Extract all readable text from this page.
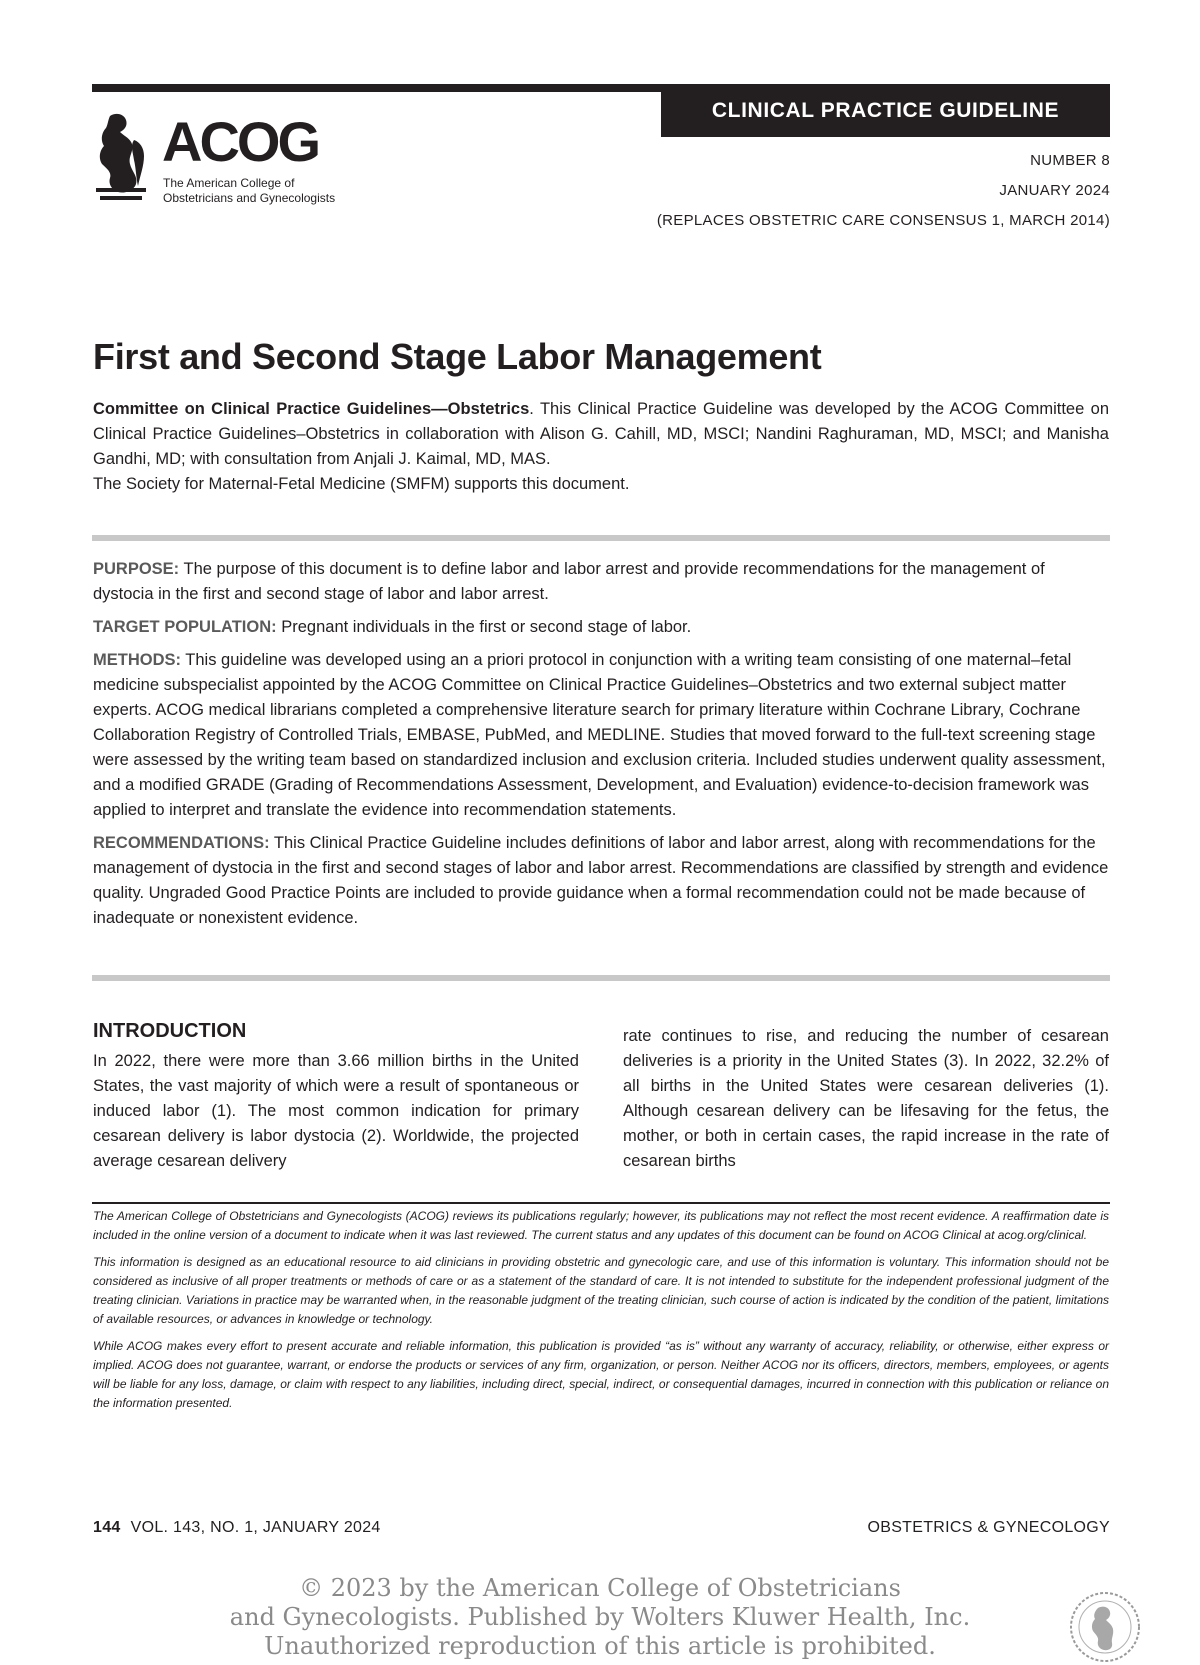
CLINICAL PRACTICE GUIDELINE
ACOG
The American College of
Obstetricians and Gynecologists
NUMBER 8
JANUARY 2024
(REPLACES OBSTETRIC CARE CONSENSUS 1, MARCH 2014)
First and Second Stage Labor Management

Committee on Clinical Practice Guidelines—Obstetrics. This Clinical Practice Guideline was developed by the ACOG Committee on Clinical Practice Guidelines–Obstetrics in collaboration with Alison G. Cahill, MD, MSCI; Nandini Raghuraman, MD, MSCI; and Manisha Gandhi, MD; with consultation from Anjali J. Kaimal, MD, MAS.

The Society for Maternal-Fetal Medicine (SMFM) supports this document.

PURPOSE: The purpose of this document is to define labor and labor arrest and provide recommendations for the management of dystocia in the first and second stage of labor and labor arrest.

TARGET POPULATION: Pregnant individuals in the first or second stage of labor.

METHODS: This guideline was developed using an a priori protocol in conjunction with a writing team consisting of one maternal–fetal medicine subspecialist appointed by the ACOG Committee on Clinical Practice Guidelines–Obstetrics and two external subject matter experts. ACOG medical librarians completed a comprehensive literature search for primary literature within Cochrane Library, Cochrane Collaboration Registry of Controlled Trials, EMBASE, PubMed, and MEDLINE. Studies that moved forward to the full-text screening stage were assessed by the writing team based on standardized inclusion and exclusion criteria. Included studies underwent quality assessment, and a modified GRADE (Grading of Recommendations Assessment, Development, and Evaluation) evidence-to-decision framework was applied to interpret and translate the evidence into recommendation statements.

RECOMMENDATIONS: This Clinical Practice Guideline includes definitions of labor and labor arrest, along with recommendations for the management of dystocia in the first and second stages of labor and labor arrest. Recommendations are classified by strength and evidence quality. Ungraded Good Practice Points are included to provide guidance when a formal recommendation could not be made because of inadequate or nonexistent evidence.

INTRODUCTION

In 2022, there were more than 3.66 million births in the United States, the vast majority of which were a result of spontaneous or induced labor (1). The most common indication for primary cesarean delivery is labor dystocia (2). Worldwide, the projected average cesarean delivery

rate continues to rise, and reducing the number of cesarean deliveries is a priority in the United States (3). In 2022, 32.2% of all births in the United States were cesarean deliveries (1). Although cesarean delivery can be lifesaving for the fetus, the mother, or both in certain cases, the rapid increase in the rate of cesarean births

The American College of Obstetricians and Gynecologists (ACOG) reviews its publications regularly; however, its publications may not reflect the most recent evidence. A reaffirmation date is included in the online version of a document to indicate when it was last reviewed. The current status and any updates of this document can be found on ACOG Clinical at acog.org/clinical.

This information is designed as an educational resource to aid clinicians in providing obstetric and gynecologic care, and use of this information is voluntary. This information should not be considered as inclusive of all proper treatments or methods of care or as a statement of the standard of care. It is not intended to substitute for the independent professional judgment of the treating clinician. Variations in practice may be warranted when, in the reasonable judgment of the treating clinician, such course of action is indicated by the condition of the patient, limitations of available resources, or advances in knowledge or technology.

While ACOG makes every effort to present accurate and reliable information, this publication is provided “as is” without any warranty of accuracy, reliability, or otherwise, either express or implied. ACOG does not guarantee, warrant, or endorse the products or services of any firm, organization, or person. Neither ACOG nor its officers, directors, members, employees, or agents will be liable for any loss, damage, or claim with respect to any liabilities, including direct, special, indirect, or consequential damages, incurred in connection with this publication or reliance on the information presented.

144 VOL. 143, NO. 1, JANUARY 2024	OBSTETRICS & GYNECOLOGY
© 2023 by the American College of Obstetricians
and Gynecologists. Published by Wolters Kluwer Health, Inc.
Unauthorized reproduction of this article is prohibited.
